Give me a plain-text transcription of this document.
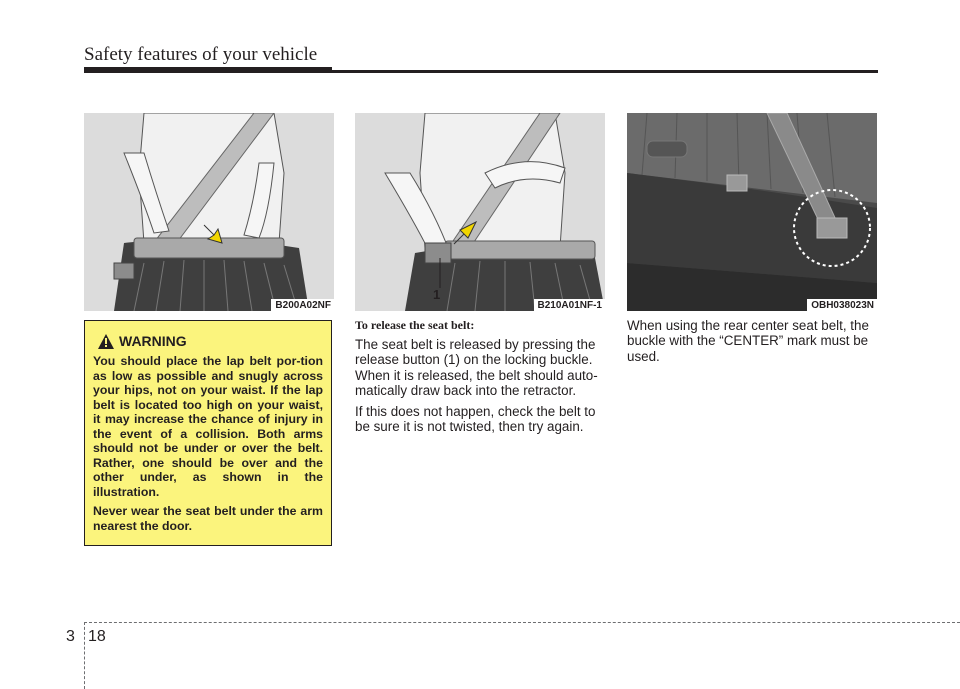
Safety features of your vehicle
B200A02NF
1
B210A01NF-1	OBH038023N
WARNING

You should place the lap belt por-tion as low as possible and snugly across your hips, not on your waist. If the lap belt is located too high on your waist, it may increase the chance of injury in the event of a collision. Both arms should not be under or over the belt. Rather, one should be over and the other under, as shown in the illustration.

Never wear the seat belt under the arm nearest the door.

To release the seat belt:

The seat belt is released by pressing the release button (1) on the locking buckle. When it is released, the belt should auto-matically draw back into the retractor.

If this does not happen, check the belt to be sure it is not twisted, then try again.

When using the rear center seat belt, the buckle with the “CENTER” mark must be used.

3 18
